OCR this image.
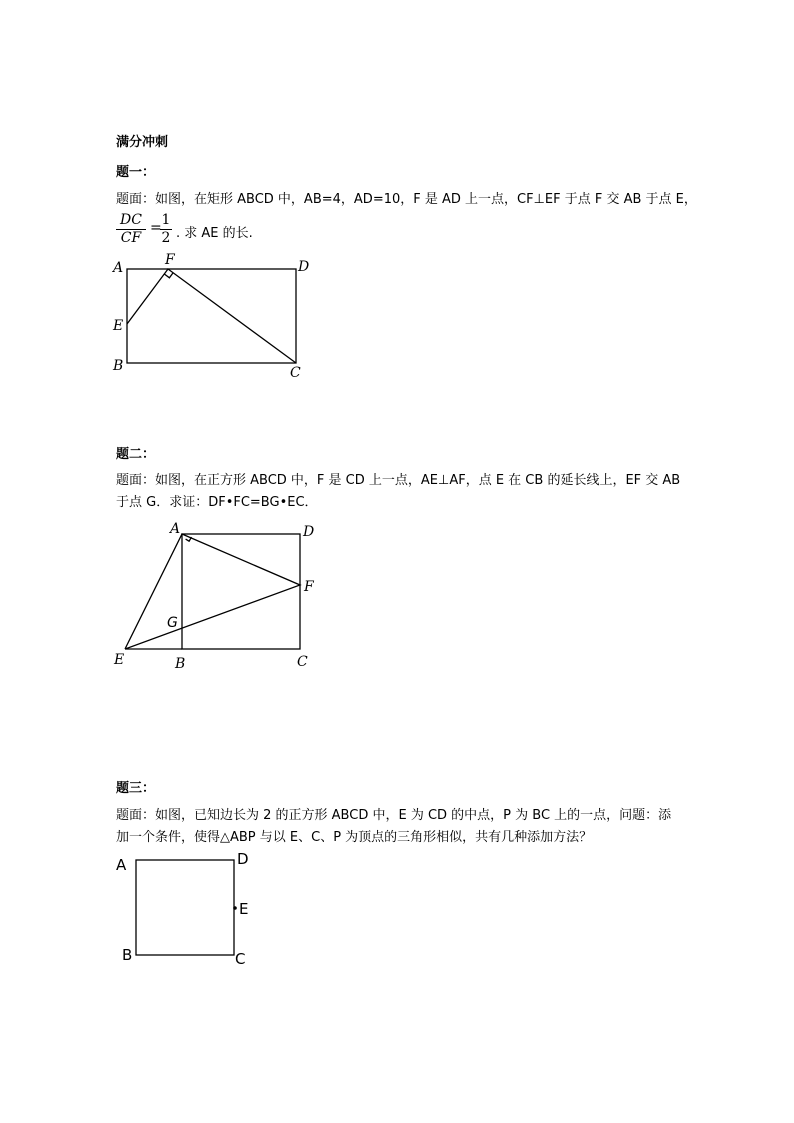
满分冲刺
题一：
题面：如图，在矩形 ABCD 中，AB=4，AD=10，F 是 AD 上一点，CF⊥EF 于点 F 交 AB 于点 E，
$\frac{DC}{CF}$ =
$\frac{1}{2}$ . 求 AE 的长.
题二：
题面：如图，在正方形 ABCD 中，F 是 CD 上一点，AE⊥AF，点 E 在 CB 的延长线上，EF 交 AB
于点 G．求证：DF•FC=BG•EC．
题三：
题面：如图，已知边长为 2 的正方形 ABCD 中，E 为 CD 的中点，P 为 BC 上的一点，问题：添
加一个条件，使得△ABP 与以 E、C、P 为顶点的三角形相似，共有几种添加方法？
A	F	D
E
B	C
A	D
F
G
E	B	C
A	D
E
B	C
